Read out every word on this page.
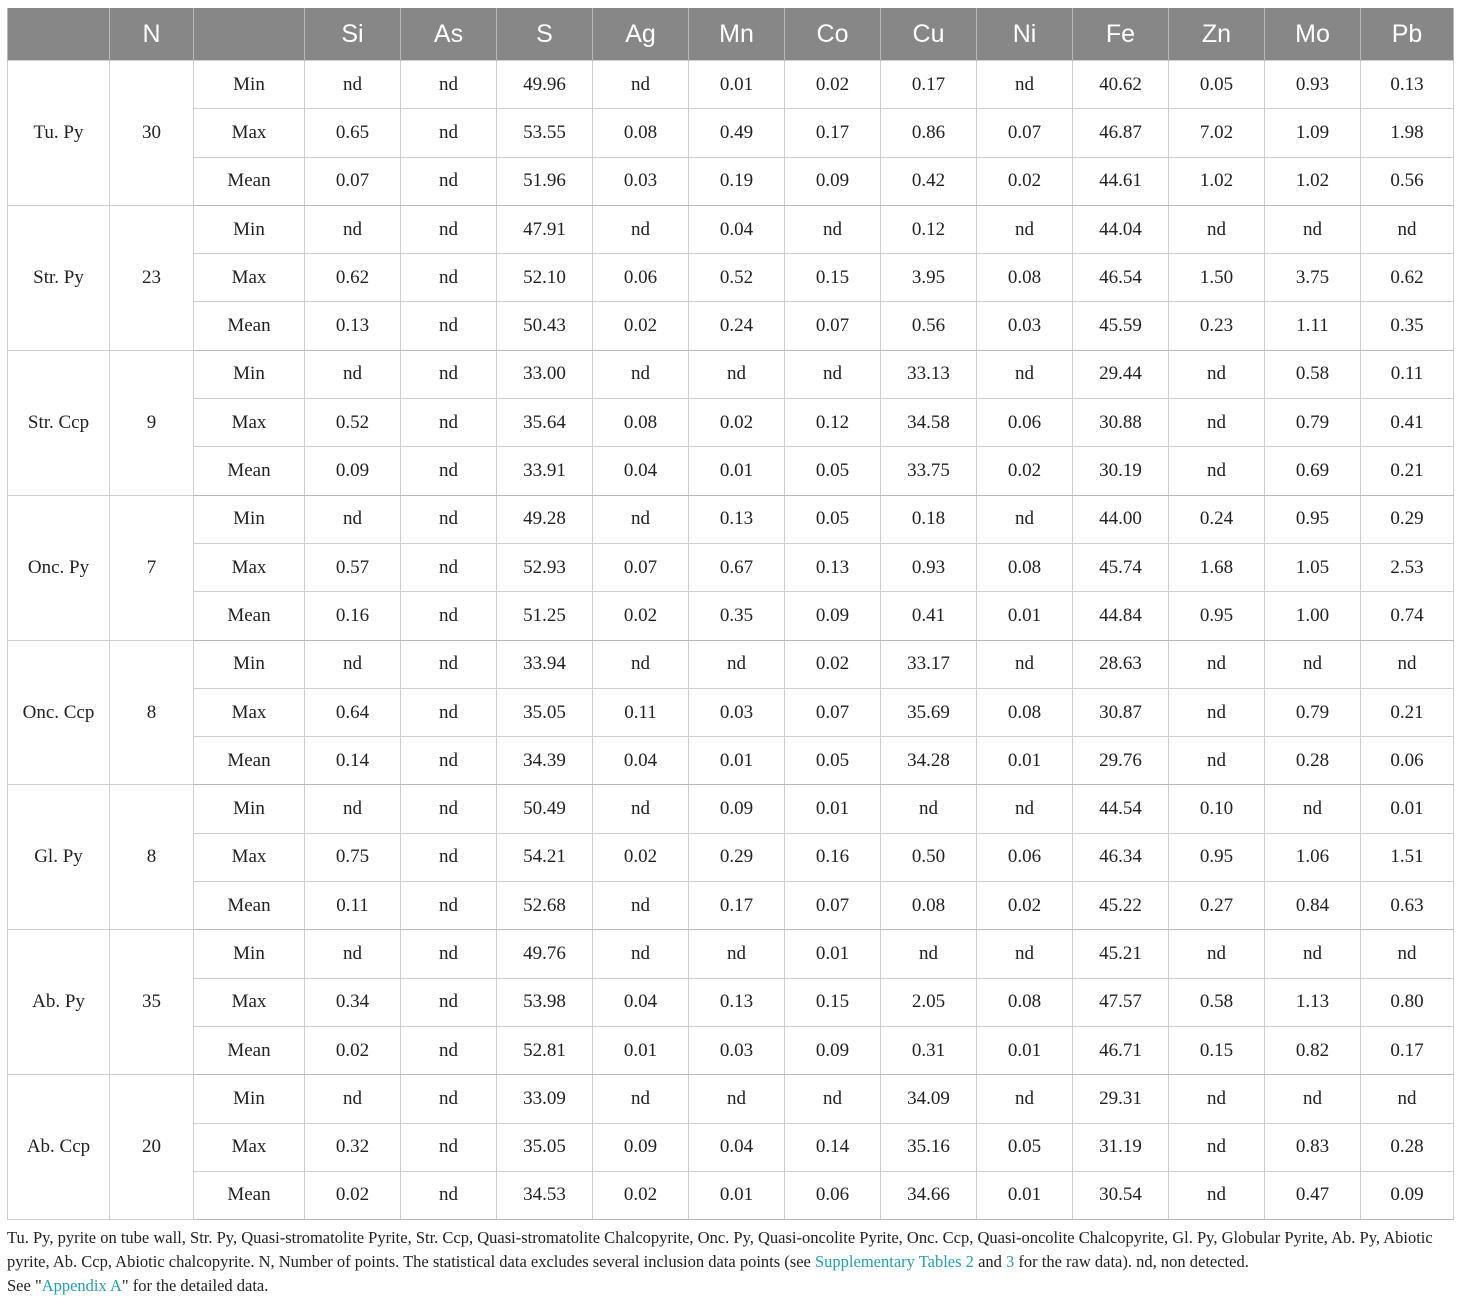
	N		Si	As	S	Ag	Mn	Co	Cu	Ni	Fe	Zn	Mo	Pb
Tu. Py	30	Min	nd	nd	49.96	nd	0.01	0.02	0.17	nd	40.62	0.05	0.93	0.13
		Max	0.65	nd	53.55	0.08	0.49	0.17	0.86	0.07	46.87	7.02	1.09	1.98
		Mean	0.07	nd	51.96	0.03	0.19	0.09	0.42	0.02	44.61	1.02	1.02	0.56
Str. Py	23	Min	nd	nd	47.91	nd	0.04	nd	0.12	nd	44.04	nd	nd	nd
		Max	0.62	nd	52.10	0.06	0.52	0.15	3.95	0.08	46.54	1.50	3.75	0.62
		Mean	0.13	nd	50.43	0.02	0.24	0.07	0.56	0.03	45.59	0.23	1.11	0.35
Str. Ccp	9	Min	nd	nd	33.00	nd	nd	nd	33.13	nd	29.44	nd	0.58	0.11
		Max	0.52	nd	35.64	0.08	0.02	0.12	34.58	0.06	30.88	nd	0.79	0.41
		Mean	0.09	nd	33.91	0.04	0.01	0.05	33.75	0.02	30.19	nd	0.69	0.21
Onc. Py	7	Min	nd	nd	49.28	nd	0.13	0.05	0.18	nd	44.00	0.24	0.95	0.29
		Max	0.57	nd	52.93	0.07	0.67	0.13	0.93	0.08	45.74	1.68	1.05	2.53
		Mean	0.16	nd	51.25	0.02	0.35	0.09	0.41	0.01	44.84	0.95	1.00	0.74
Onc. Ccp	8	Min	nd	nd	33.94	nd	nd	0.02	33.17	nd	28.63	nd	nd	nd
		Max	0.64	nd	35.05	0.11	0.03	0.07	35.69	0.08	30.87	nd	0.79	0.21
		Mean	0.14	nd	34.39	0.04	0.01	0.05	34.28	0.01	29.76	nd	0.28	0.06
Gl. Py	8	Min	nd	nd	50.49	nd	0.09	0.01	nd	nd	44.54	0.10	nd	0.01
		Max	0.75	nd	54.21	0.02	0.29	0.16	0.50	0.06	46.34	0.95	1.06	1.51
		Mean	0.11	nd	52.68	nd	0.17	0.07	0.08	0.02	45.22	0.27	0.84	0.63
Ab. Py	35	Min	nd	nd	49.76	nd	nd	0.01	nd	nd	45.21	nd	nd	nd
		Max	0.34	nd	53.98	0.04	0.13	0.15	2.05	0.08	47.57	0.58	1.13	0.80
		Mean	0.02	nd	52.81	0.01	0.03	0.09	0.31	0.01	46.71	0.15	0.82	0.17
Ab. Ccp	20	Min	nd	nd	33.09	nd	nd	nd	34.09	nd	29.31	nd	nd	nd
		Max	0.32	nd	35.05	0.09	0.04	0.14	35.16	0.05	31.19	nd	0.83	0.28
		Mean	0.02	nd	34.53	0.02	0.01	0.06	34.66	0.01	30.54	nd	0.47	0.09
Tu. Py, pyrite on tube wall, Str. Py, Quasi-stromatolite Pyrite, Str. Ccp, Quasi-stromatolite Chalcopyrite, Onc. Py, Quasi-oncolite Pyrite, Onc. Ccp, Quasi-oncolite Chalcopyrite, Gl. Py, Globular Pyrite, Ab. Py, Abiotic pyrite, Ab. Ccp, Abiotic chalcopyrite. N, Number of points. The statistical data excludes several inclusion data points (see Supplementary Tables 2 and 3 for the raw data). nd, non detected.
See "Appendix A" for the detailed data.
